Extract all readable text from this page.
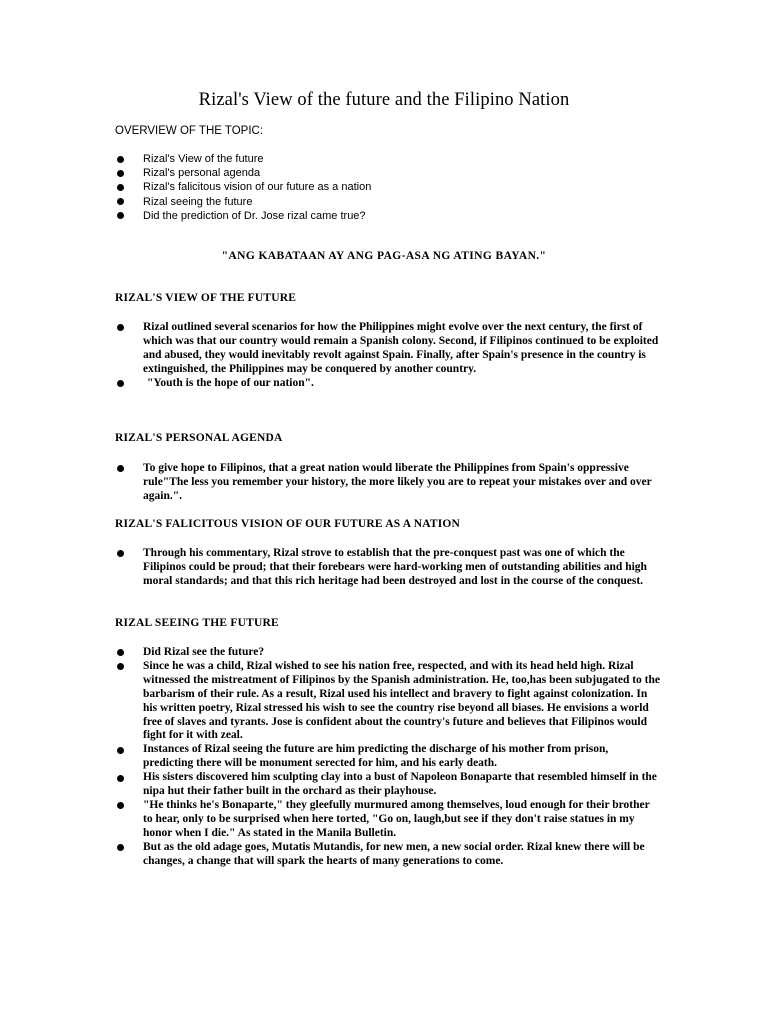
Rizal's View of the future and the Filipino Nation

OVERVIEW OF THE TOPIC:

Rizal's View of the future
Rizal's personal agenda
Rizal's falicitous vision of our future as a nation
Rizal seeing the future
Did the prediction of Dr. Jose rizal came true?

"ANG KABATAAN AY ANG PAG-ASA NG ATING BAYAN."

RIZAL'S VIEW OF THE FUTURE

Rizal outlined several scenarios for how the Philippines might evolve over the next century, the first of which was that our country would remain a Spanish colony. Second, if Filipinos continued to be exploited and abused, they would inevitably revolt against Spain. Finally, after Spain's presence in the country is extinguished, the Philippines may be conquered by another country.
"Youth is the hope of our nation".

RIZAL'S PERSONAL AGENDA

To give hope to Filipinos, that a great nation would liberate the Philippines from Spain's oppressive rule"The less you remember your history, the more likely you are to repeat your mistakes over and over again.".

RIZAL'S FALICITOUS VISION OF OUR FUTURE AS A NATION

Through his commentary, Rizal strove to establish that the pre-conquest past was one of which the Filipinos could be proud; that their forebears were hard-working men of outstanding abilities and high moral standards; and that this rich heritage had been destroyed and lost in the course of the conquest.

RIZAL SEEING THE FUTURE

Did Rizal see the future?
Since he was a child, Rizal wished to see his nation free, respected, and with its head held high. Rizal witnessed the mistreatment of Filipinos by the Spanish administration. He, too,has been subjugated to the barbarism of their rule. As a result, Rizal used his intellect and bravery to fight against colonization. In his written poetry, Rizal stressed his wish to see the country rise beyond all biases. He envisions a world free of slaves and tyrants. Jose is confident about the country's future and believes that Filipinos would fight for it with zeal.
Instances of Rizal seeing the future are him predicting the discharge of his mother from prison, predicting there will be monument serected for him, and his early death.
His sisters discovered him sculpting clay into a bust of Napoleon Bonaparte that resembled himself in the nipa hut their father built in the orchard as their playhouse.
"He thinks he's Bonaparte," they gleefully murmured among themselves, loud enough for their brother to hear, only to be surprised when here torted, "Go on, laugh,but see if they don't raise statues in my honor when I die." As stated in the Manila Bulletin.
But as the old adage goes, Mutatis Mutandis, for new men, a new social order. Rizal knew there will be changes, a change that will spark the hearts of many generations to come.
